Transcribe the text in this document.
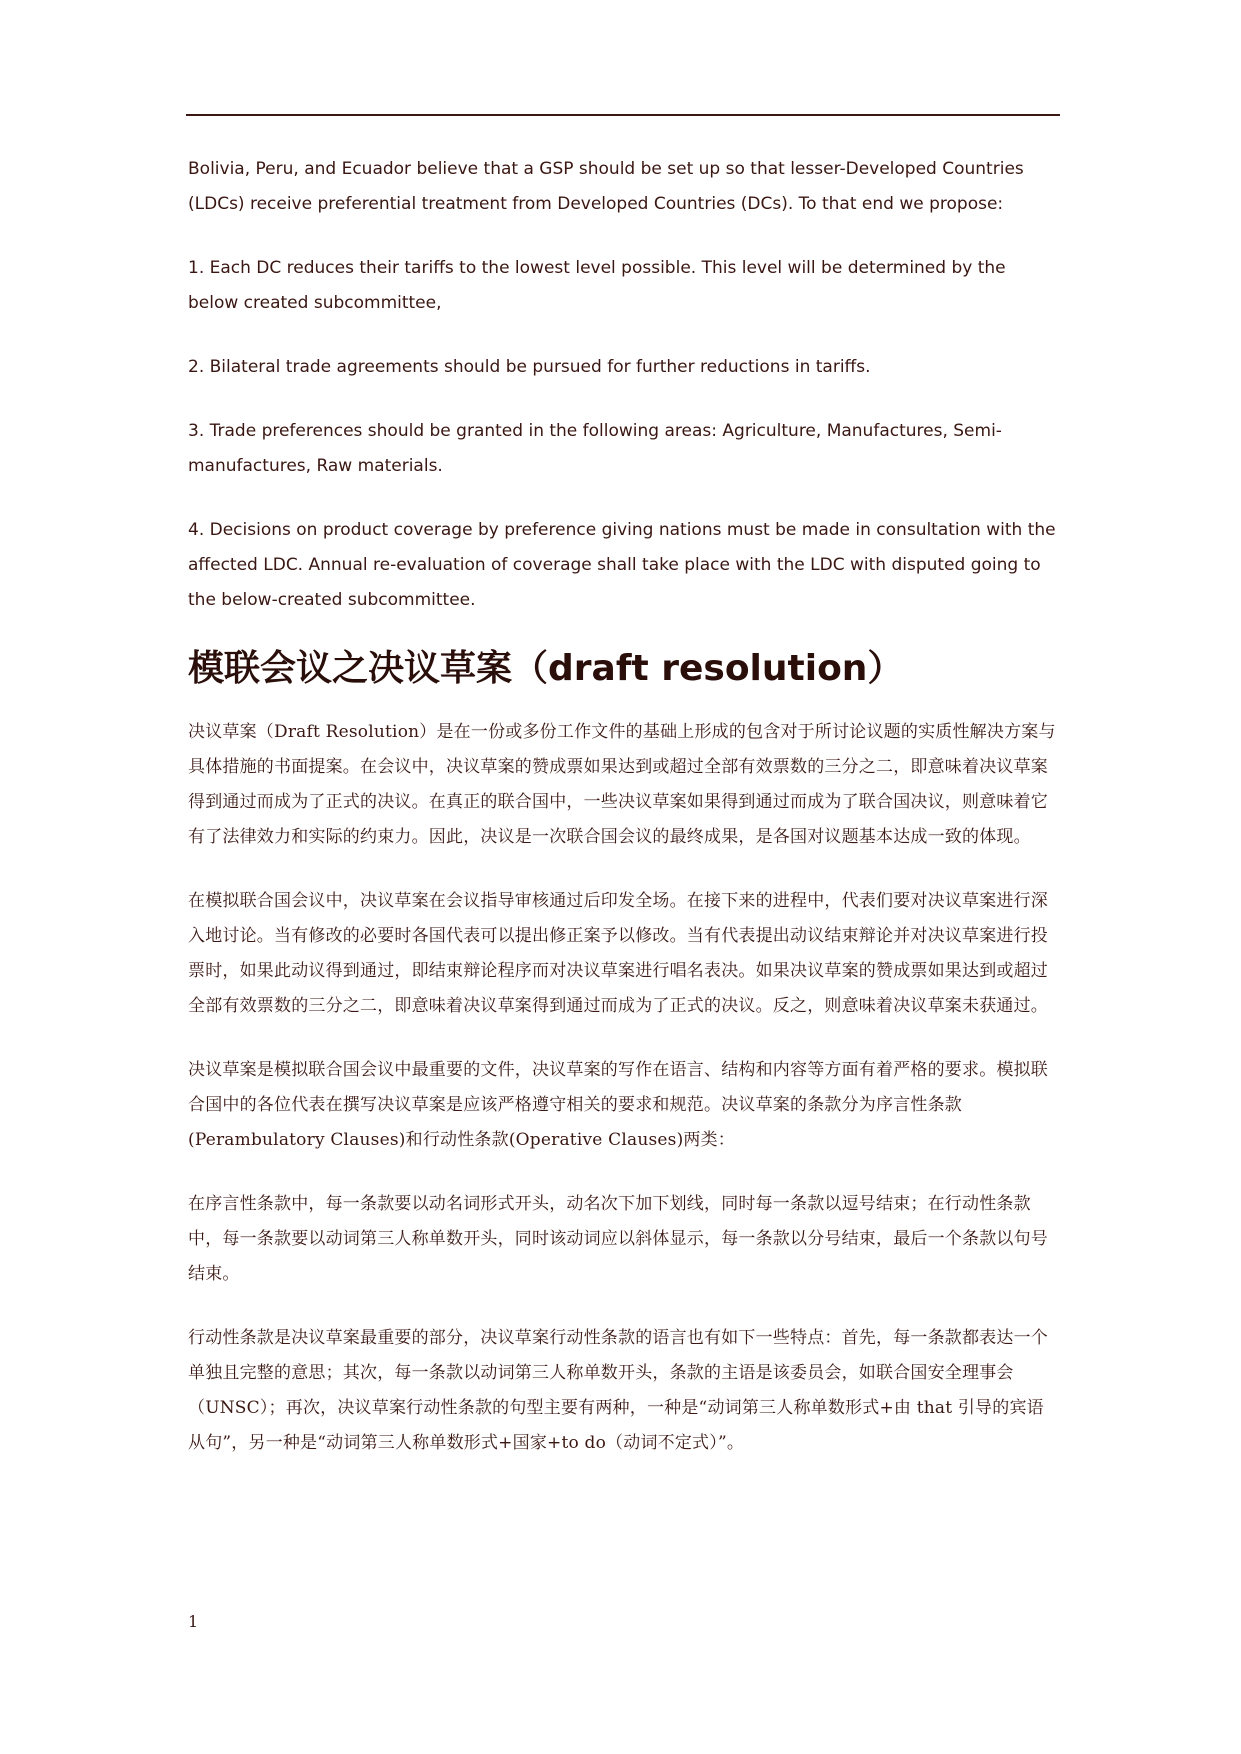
Bolivia, Peru, and Ecuador believe that a GSP should be set up so that lesser-Developed Countries (LDCs) receive preferential treatment from Developed Countries (DCs). To that end we propose:

1. Each DC reduces their tariffs to the lowest level possible. This level will be determined by the below created subcommittee,

2. Bilateral trade agreements should be pursued for further reductions in tariffs.

3. Trade preferences should be granted in the following areas: Agriculture, Manufactures, Semi-manufactures, Raw materials.

4. Decisions on product coverage by preference giving nations must be made in consultation with the affected LDC. Annual re-evaluation of coverage shall take place with the LDC with disputed going to the below-created subcommittee.

模联会议之决议草案（draft resolution）

决议草案（Draft Resolution）是在一份或多份工作文件的基础上形成的包含对于所讨论议题的实质性解决方案与具体措施的书面提案。在会议中，决议草案的赞成票如果达到或超过全部有效票数的三分之二，即意味着决议草案得到通过而成为了正式的决议。在真正的联合国中，一些决议草案如果得到通过而成为了联合国决议，则意味着它有了法律效力和实际的约束力。因此，决议是一次联合国会议的最终成果，是各国对议题基本达成一致的体现。

在模拟联合国会议中，决议草案在会议指导审核通过后印发全场。在接下来的进程中，代表们要对决议草案进行深入地讨论。当有修改的必要时各国代表可以提出修正案予以修改。当有代表提出动议结束辩论并对决议草案进行投票时，如果此动议得到通过，即结束辩论程序而对决议草案进行唱名表决。如果决议草案的赞成票如果达到或超过全部有效票数的三分之二，即意味着决议草案得到通过而成为了正式的决议。反之，则意味着决议草案未获通过。

决议草案是模拟联合国会议中最重要的文件，决议草案的写作在语言、结构和内容等方面有着严格的要求。模拟联合国中的各位代表在撰写决议草案是应该严格遵守相关的要求和规范。决议草案的条款分为序言性条款(Perambulatory Clauses)和行动性条款(Operative Clauses)两类：

在序言性条款中，每一条款要以动名词形式开头，动名次下加下划线，同时每一条款以逗号结束；在行动性条款中，每一条款要以动词第三人称单数开头，同时该动词应以斜体显示，每一条款以分号结束，最后一个条款以句号结束。

行动性条款是决议草案最重要的部分，决议草案行动性条款的语言也有如下一些特点：首先，每一条款都表达一个单独且完整的意思；其次，每一条款以动词第三人称单数开头，条款的主语是该委员会，如联合国安全理事会（UNSC）；再次，决议草案行动性条款的句型主要有两种，一种是“动词第三人称单数形式+由 that 引导的宾语从句”，另一种是“动词第三人称单数形式+国家+to do（动词不定式）”。

1
